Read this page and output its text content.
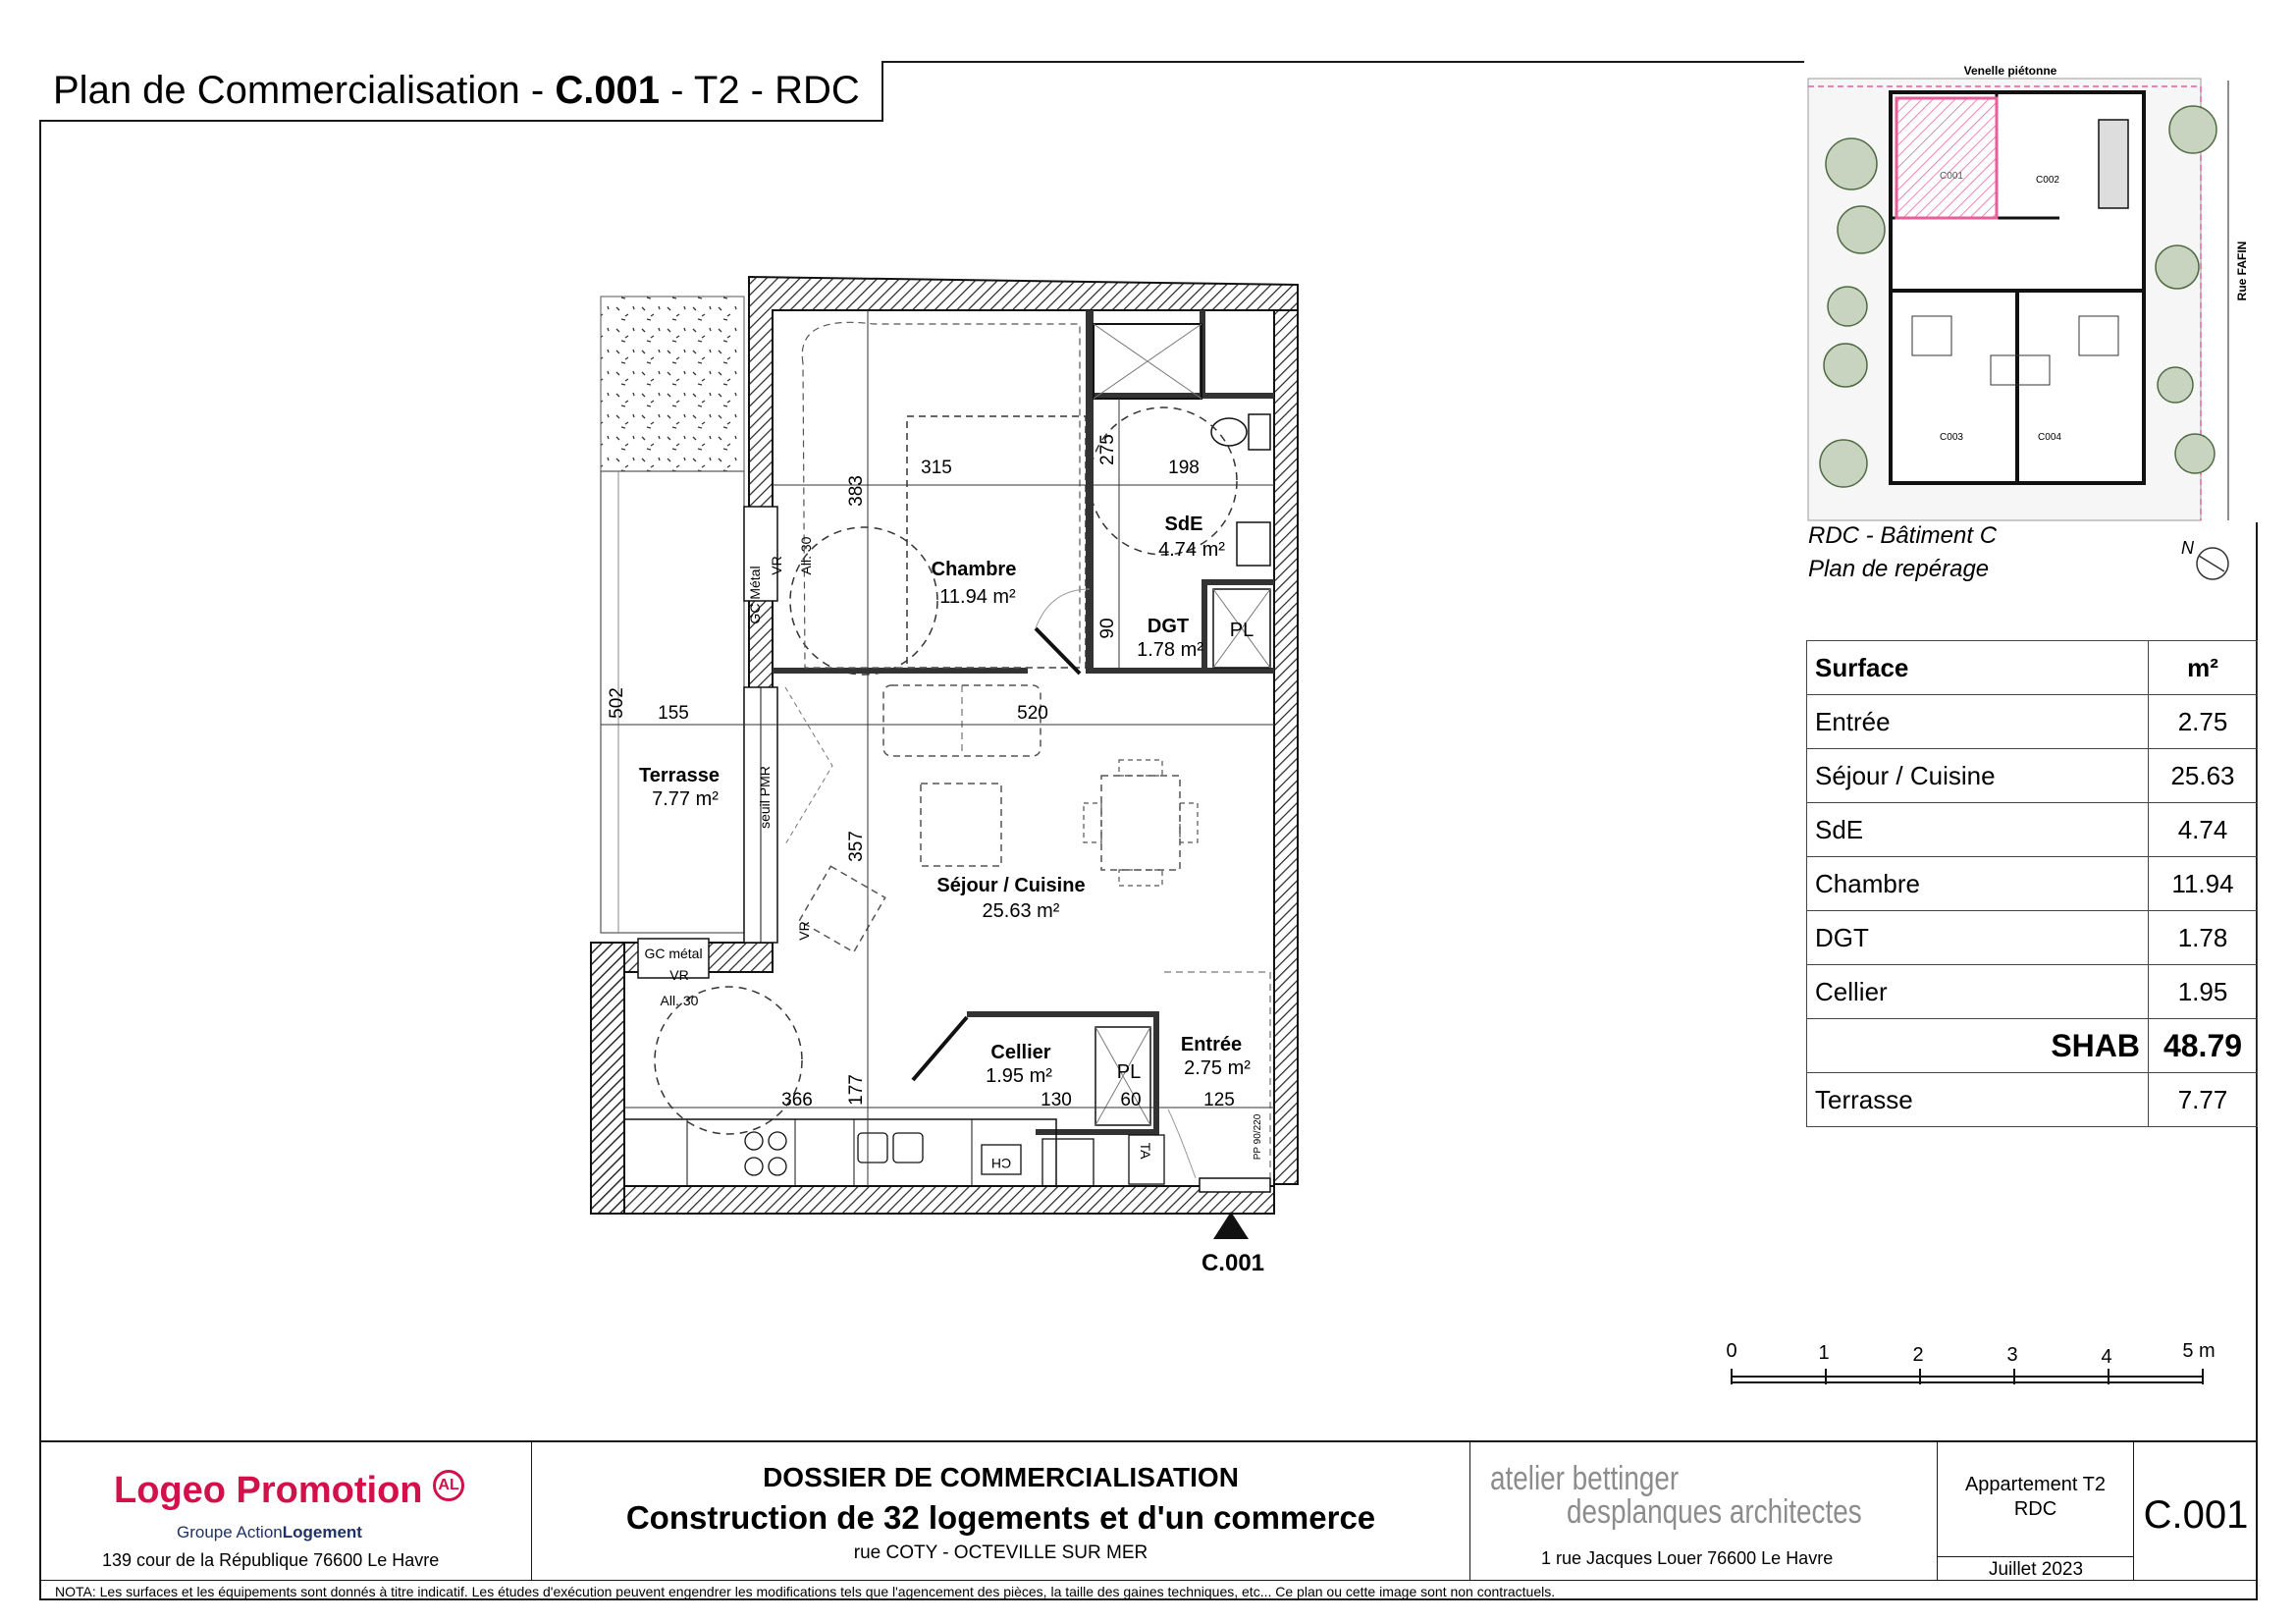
Plan de Commercialisation - C.001 - T2 - RDC
Chambre
11.94 m²
SdE
4.74 m²
DGT
1.78 m²
Séjour / Cuisine
25.63 m²
Cellier
1.95 m²
Entrée
2.75 m²
Terrasse
7.77 m²
315	198
520
155
366	130	60	125
383
275
90
502
357
177
GC Métal
VR All. 30
seuil PMR
VR
GC métal
VR
All. 30
PL
PL
CH
TA	PP 90/220
C.001
Venelle piétonne
Rue FAFIN
C001	C002
C003	C004
Plan de repérage
RDC - Bâtiment C	N
Surface	m²
Entrée	2.75
Séjour / Cuisine	25.63
SdE	4.74
Chambre	11.94
DGT	1.78
Cellier	1.95
SHAB	48.79
Terrasse	7.77
0	1	2	3	4	5 m
Logeo Promotion AL
Groupe ActionLogement
139 cour de la République 76600 Le Havre
DOSSIER DE COMMERCIALISATION
Construction de 32 logements et d'un commerce
rue COTY - OCTEVILLE SUR MER
atelier bettinger
desplanques architectes
1 rue Jacques Louer 76600 Le Havre
Appartement T2
RDC
Juillet 2023
C.001
NOTA: Les surfaces et les équipements sont donnés à titre indicatif. Les études d'exécution peuvent engendrer les modifications tels que l'agencement des pièces, la taille des gaines techniques, etc... Ce plan ou cette image sont non contractuels.
